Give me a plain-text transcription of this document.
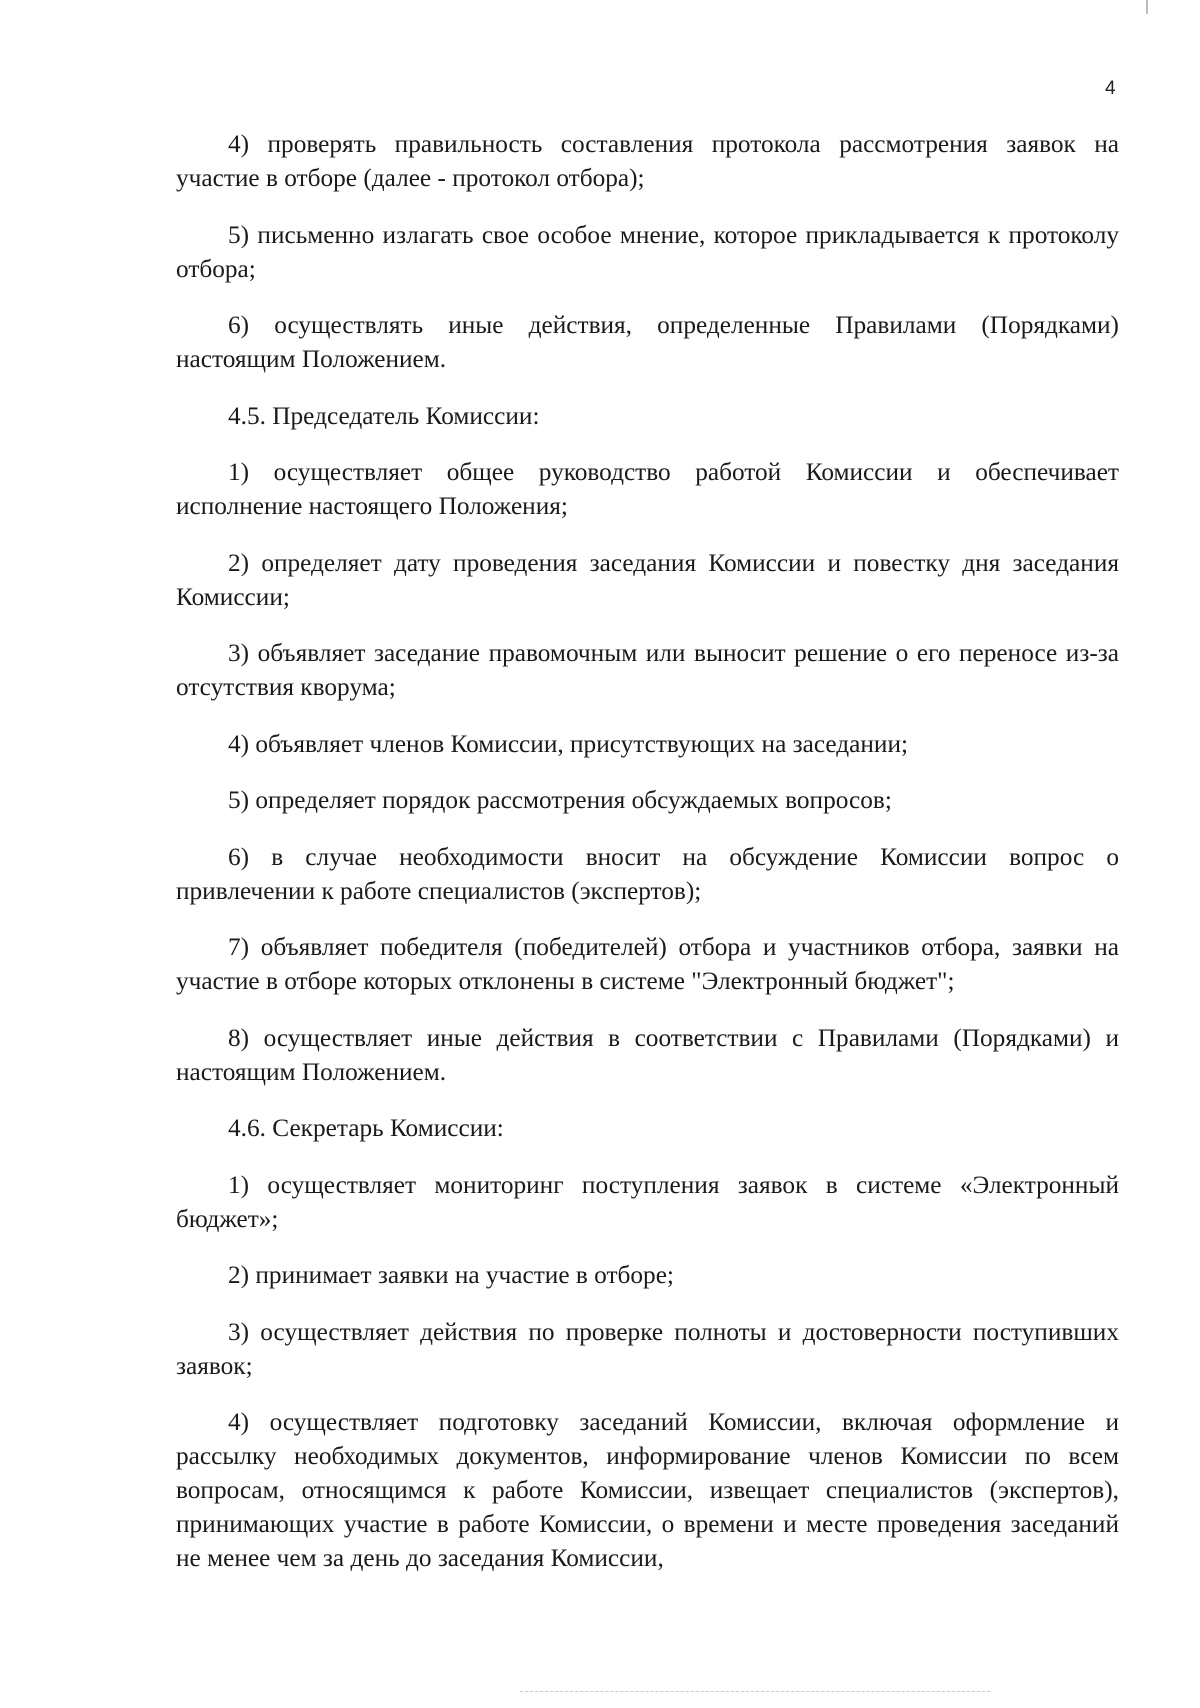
4

4) проверять правильность составления протокола рассмотрения заявок на участие в отборе (далее - протокол отбора);

5) письменно излагать свое особое мнение, которое прикладывается к протоколу отбора;

6) осуществлять иные действия, определенные Правилами (Порядками) настоящим Положением.

4.5. Председатель Комиссии:

1) осуществляет общее руководство работой Комиссии и обеспечивает исполнение настоящего Положения;

2) определяет дату проведения заседания Комиссии и повестку дня заседания Комиссии;

3) объявляет заседание правомочным или выносит решение о его переносе из-за отсутствия кворума;

4) объявляет членов Комиссии, присутствующих на заседании;

5) определяет порядок рассмотрения обсуждаемых вопросов;

6) в случае необходимости вносит на обсуждение Комиссии вопрос о привлечении к работе специалистов (экспертов);

7) объявляет победителя (победителей) отбора и участников отбора, заявки на участие в отборе которых отклонены в системе "Электронный бюджет";

8) осуществляет иные действия в соответствии с Правилами (Порядками) и настоящим Положением.

4.6. Секретарь Комиссии:

1) осуществляет мониторинг поступления заявок в системе «Электронный бюджет»;

2) принимает заявки на участие в отборе;

3) осуществляет действия по проверке полноты и достоверности поступивших заявок;

4) осуществляет подготовку заседаний Комиссии, включая оформление и рассылку необходимых документов, информирование членов Комиссии по всем вопросам, относящимся к работе Комиссии, извещает специалистов (экспертов), принимающих участие в работе Комиссии, о времени и месте проведения заседаний не менее чем за день до заседания Комиссии,
